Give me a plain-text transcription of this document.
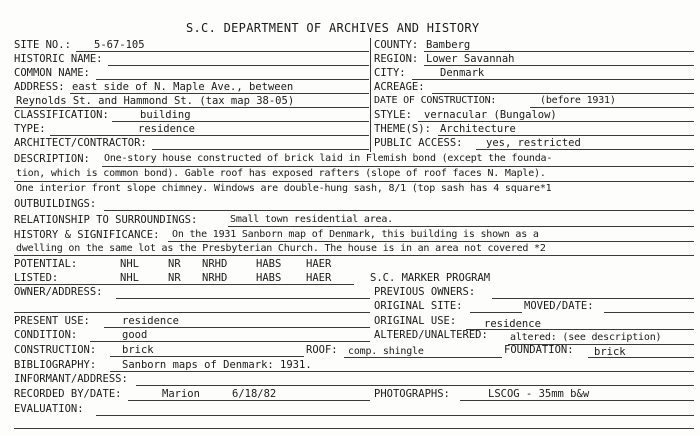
S.C. DEPARTMENT OF ARCHIVES AND HISTORY
SITE NO.: 5-67-105
HISTORIC NAME:
COMMON NAME:
ADDRESS: east side of N. Maple Ave., between
Reynolds St. and Hammond St. (tax map 38-05)
CLASSIFICATION:	building
TYPE:	residence
ARCHITECT/CONTRACTOR:
COUNTY: Bamberg
REGION: Lower Savannah
CITY:	Denmark
ACREAGE:
DATE OF CONSTRUCTION:	(before 1931)
STYLE: vernacular (Bungalow)
THEME(S): Architecture
PUBLIC ACCESS: yes, restricted
DESCRIPTION: One-story house constructed of brick laid in Flemish bond (except the founda-
tion, which is common bond). Gable roof has exposed rafters (slope of roof faces N. Maple).
One interior front slope chimney. Windows are double-hung sash, 8/1 (top sash has 4 square*1
OUTBUILDINGS:
RELATIONSHIP TO SURROUNDINGS:	Small town residential area.
HISTORY & SIGNIFICANCE: On the 1931 Sanborn map of Denmark, this building is shown as a
dwelling on the same lot as the Presbyterian Church. The house is in an area not covered *2
POTENTIAL:	NHL	NR NRHD	HABS HAER
LISTED:	NHL	NR NRHD	HABS HAER	S.C. MARKER PROGRAM
OWNER/ADDRESS:	PREVIOUS OWNERS:
ORIGINAL SITE:	MOVED/DATE:
PRESENT USE:	residence	ORIGINAL USE:	residence
CONDITION:	good	ALTERED/UNALTERED: altered: (see description)
CONSTRUCTION: brick	ROOF: comp. shingle	FOUNDATION: brick
BIBLIOGRAPHY: Sanborn maps of Denmark: 1931.
INFORMANT/ADDRESS:
RECORDED BY/DATE:	Marion	6/18/82	PHOTOGRAPHS:	LSCOG - 35mm b&w
EVALUATION:
